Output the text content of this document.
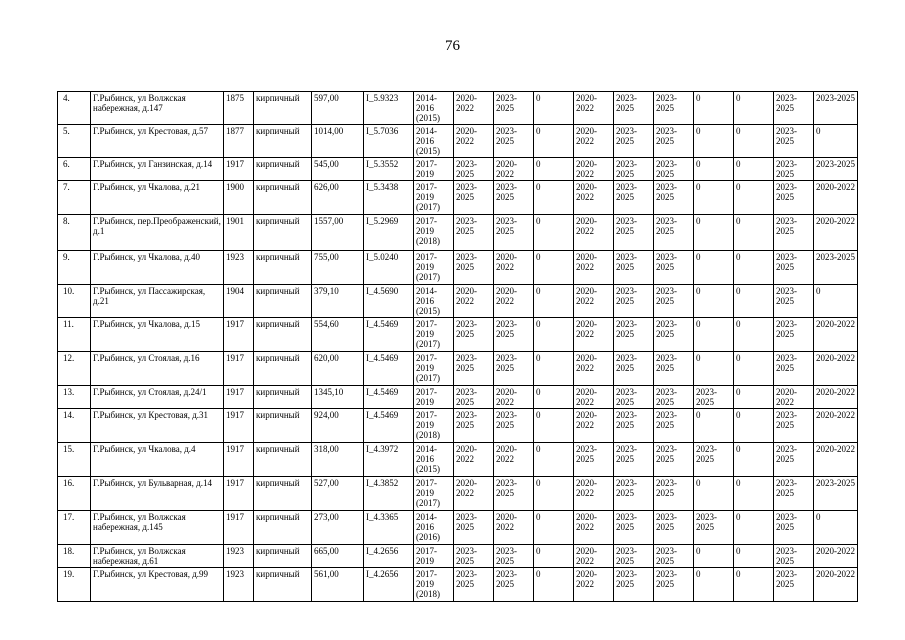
76
4.	Г.Рыбинск, ул Волжская набережная, д.147	1875	кирпичный	597,00	I_5.9323	2014-2016 (2015)	2020-2022	2023-2025	0	2020-2022	2023-2025	2023-2025	0	0	2023-2025	2023-2025
5.	Г.Рыбинск, ул Крестовая, д.57	1877	кирпичный	1014,00	I_5.7036	2014-2016 (2015)	2020-2022	2023-2025	0	2020-2022	2023-2025	2023-2025	0	0	2023-2025	0
6.	Г.Рыбинск, ул Ганзинская, д.14	1917	кирпичный	545,00	I_5.3552	2017-2019	2023-2025	2020-2022	0	2020-2022	2023-2025	2023-2025	0	0	2023-2025	2023-2025
7.	Г.Рыбинск, ул Чкалова, д.21	1900	кирпичный	626,00	I_5.3438	2017-2019 (2017)	2023-2025	2023-2025	0	2020-2022	2023-2025	2023-2025	0	0	2023-2025	2020-2022
8.	Г.Рыбинск, пер.Преображенский, д.1	1901	кирпичный	1557,00	I_5.2969	2017-2019 (2018)	2023-2025	2023-2025	0	2020-2022	2023-2025	2023-2025	0	0	2023-2025	2020-2022
9.	Г.Рыбинск, ул Чкалова, д.40	1923	кирпичный	755,00	I_5.0240	2017-2019 (2017)	2023-2025	2020-2022	0	2020-2022	2023-2025	2023-2025	0	0	2023-2025	2023-2025
10.	Г.Рыбинск, ул Пассажирская, д.21	1904	кирпичный	379,10	I_4.5690	2014-2016 (2015)	2020-2022	2020-2022	0	2020-2022	2023-2025	2023-2025	0	0	2023-2025	0
11.	Г.Рыбинск, ул Чкалова, д.15	1917	кирпичный	554,60	I_4.5469	2017-2019 (2017)	2023-2025	2023-2025	0	2020-2022	2023-2025	2023-2025	0	0	2023-2025	2020-2022
12.	Г.Рыбинск, ул Стоялая, д.16	1917	кирпичный	620,00	I_4.5469	2017-2019 (2017)	2023-2025	2023-2025	0	2020-2022	2023-2025	2023-2025	0	0	2023-2025	2020-2022
13.	Г.Рыбинск, ул Стоялая, д.24/1	1917	кирпичный	1345,10	I_4.5469	2017-2019	2023-2025	2020-2022	0	2020-2022	2023-2025	2023-2025	2023-2025	0	2020-2022	2020-2022
14.	Г.Рыбинск, ул Крестовая, д.31	1917	кирпичный	924,00	I_4.5469	2017-2019 (2018)	2023-2025	2023-2025	0	2020-2022	2023-2025	2023-2025	0	0	2023-2025	2020-2022
15.	Г.Рыбинск, ул Чкалова, д.4	1917	кирпичный	318,00	I_4.3972	2014-2016 (2015)	2020-2022	2020-2022	0	2023-2025	2023-2025	2023-2025	2023-2025	0	2023-2025	2020-2022
16.	Г.Рыбинск, ул Бульварная, д.14	1917	кирпичный	527,00	I_4.3852	2017-2019 (2017)	2020-2022	2023-2025	0	2020-2022	2023-2025	2023-2025	0	0	2023-2025	2023-2025
17.	Г.Рыбинск, ул Волжская набережная, д.145	1917	кирпичный	273,00	I_4.3365	2014-2016 (2016)	2023-2025	2020-2022	0	2020-2022	2023-2025	2023-2025	2023-2025	0	2023-2025	0
18.	Г.Рыбинск, ул Волжская набережная, д.61	1923	кирпичный	665,00	I_4.2656	2017-2019	2023-2025	2023-2025	0	2020-2022	2023-2025	2023-2025	0	0	2023-2025	2020-2022
19.	Г.Рыбинск, ул Крестовая, д.99	1923	кирпичный	561,00	I_4.2656	2017-2019 (2018)	2023-2025	2023-2025	0	2020-2022	2023-2025	2023-2025	0	0	2023-2025	2020-2022
